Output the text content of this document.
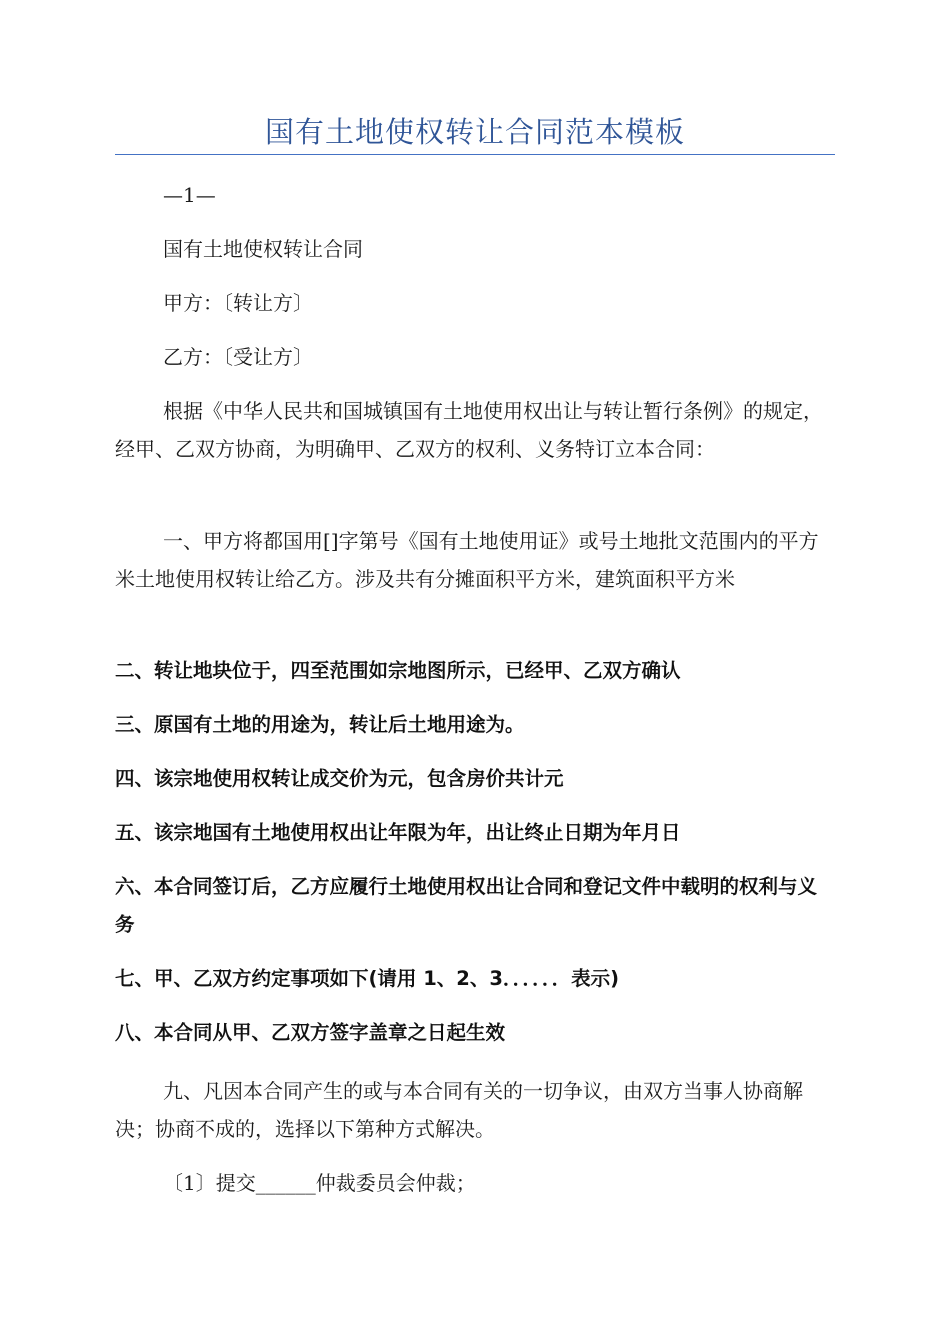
国有土地使权转让合同范本模板

—1—

国有土地使权转让合同

甲方：〔转让方〕

乙方：〔受让方〕

根据《中华人民共和国城镇国有土地使用权出让与转让暂行条例》的规定，经甲、乙双方协商，为明确甲、乙双方的权利、义务特订立本合同：

一、甲方将都国用[]字第号《国有土地使用证》或号土地批文范围内的平方米土地使用权转让给乙方。涉及共有分摊面积平方米，建筑面积平方米

二、转让地块位于，四至范围如宗地图所示，已经甲、乙双方确认

三、原国有土地的用途为，转让后土地用途为。

四、该宗地使用权转让成交价为元，包含房价共计元

五、该宗地国有土地使用权出让年限为年，出让终止日期为年月日

六、本合同签订后，乙方应履行土地使用权出让合同和登记文件中载明的权利与义务

七、甲、乙双方约定事项如下(请用 1、2、3．．．．．．表示)

八、本合同从甲、乙双方签字盖章之日起生效

九、凡因本合同产生的或与本合同有关的一切争议，由双方当事人协商解决；协商不成的，选择以下第种方式解决。

〔1〕提交______仲裁委员会仲裁；
